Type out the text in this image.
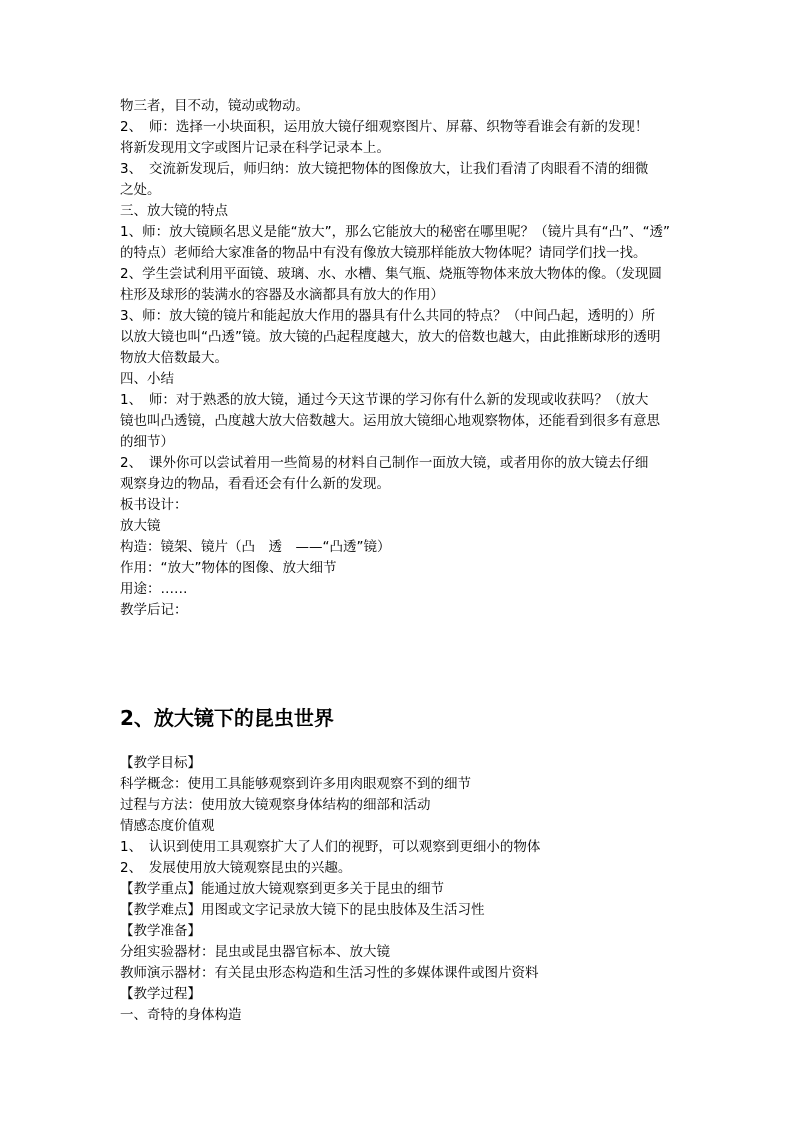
物三者，目不动，镜动或物动。
2、　师：选择一小块面积，运用放大镜仔细观察图片、屏幕、织物等看谁会有新的发现！
将新发现用文字或图片记录在科学记录本上。
3、　交流新发现后，师归纳：放大镜把物体的图像放大，让我们看清了肉眼看不清的细微
之处。
三、放大镜的特点
1、师：放大镜顾名思义是能“放大”，那么它能放大的秘密在哪里呢？（镜片具有“凸”、“透”
的特点）老师给大家准备的物品中有没有像放大镜那样能放大物体呢？请同学们找一找。
2、学生尝试利用平面镜、玻璃、水、水槽、集气瓶、烧瓶等物体来放大物体的像。（发现圆
柱形及球形的装满水的容器及水滴都具有放大的作用）
3、师：放大镜的镜片和能起放大作用的器具有什么共同的特点？（中间凸起，透明的）所
以放大镜也叫“凸透”镜。放大镜的凸起程度越大，放大的倍数也越大，由此推断球形的透明
物放大倍数最大。
四、小结
1、　师：对于熟悉的放大镜，通过今天这节课的学习你有什么新的发现或收获吗？（放大
镜也叫凸透镜，凸度越大放大倍数越大。运用放大镜细心地观察物体，还能看到很多有意思
的细节）
2、　课外你可以尝试着用一些简易的材料自己制作一面放大镜，或者用你的放大镜去仔细
观察身边的物品，看看还会有什么新的发现。
板书设计：
放大镜
构造：镜架、镜片（凸　透　——“凸透”镜）
作用：“放大”物体的图像、放大细节
用途：……
教学后记：
2、放大镜下的昆虫世界
【教学目标】
科学概念：使用工具能够观察到许多用肉眼观察不到的细节
过程与方法：使用放大镜观察身体结构的细部和活动
情感态度价值观
1、　认识到使用工具观察扩大了人们的视野，可以观察到更细小的物体
2、　发展使用放大镜观察昆虫的兴趣。
【教学重点】能通过放大镜观察到更多关于昆虫的细节
【教学难点】用图或文字记录放大镜下的昆虫肢体及生活习性
【教学准备】
分组实验器材：昆虫或昆虫器官标本、放大镜
教师演示器材：有关昆虫形态构造和生活习性的多媒体课件或图片资料
【教学过程】
一、奇特的身体构造
